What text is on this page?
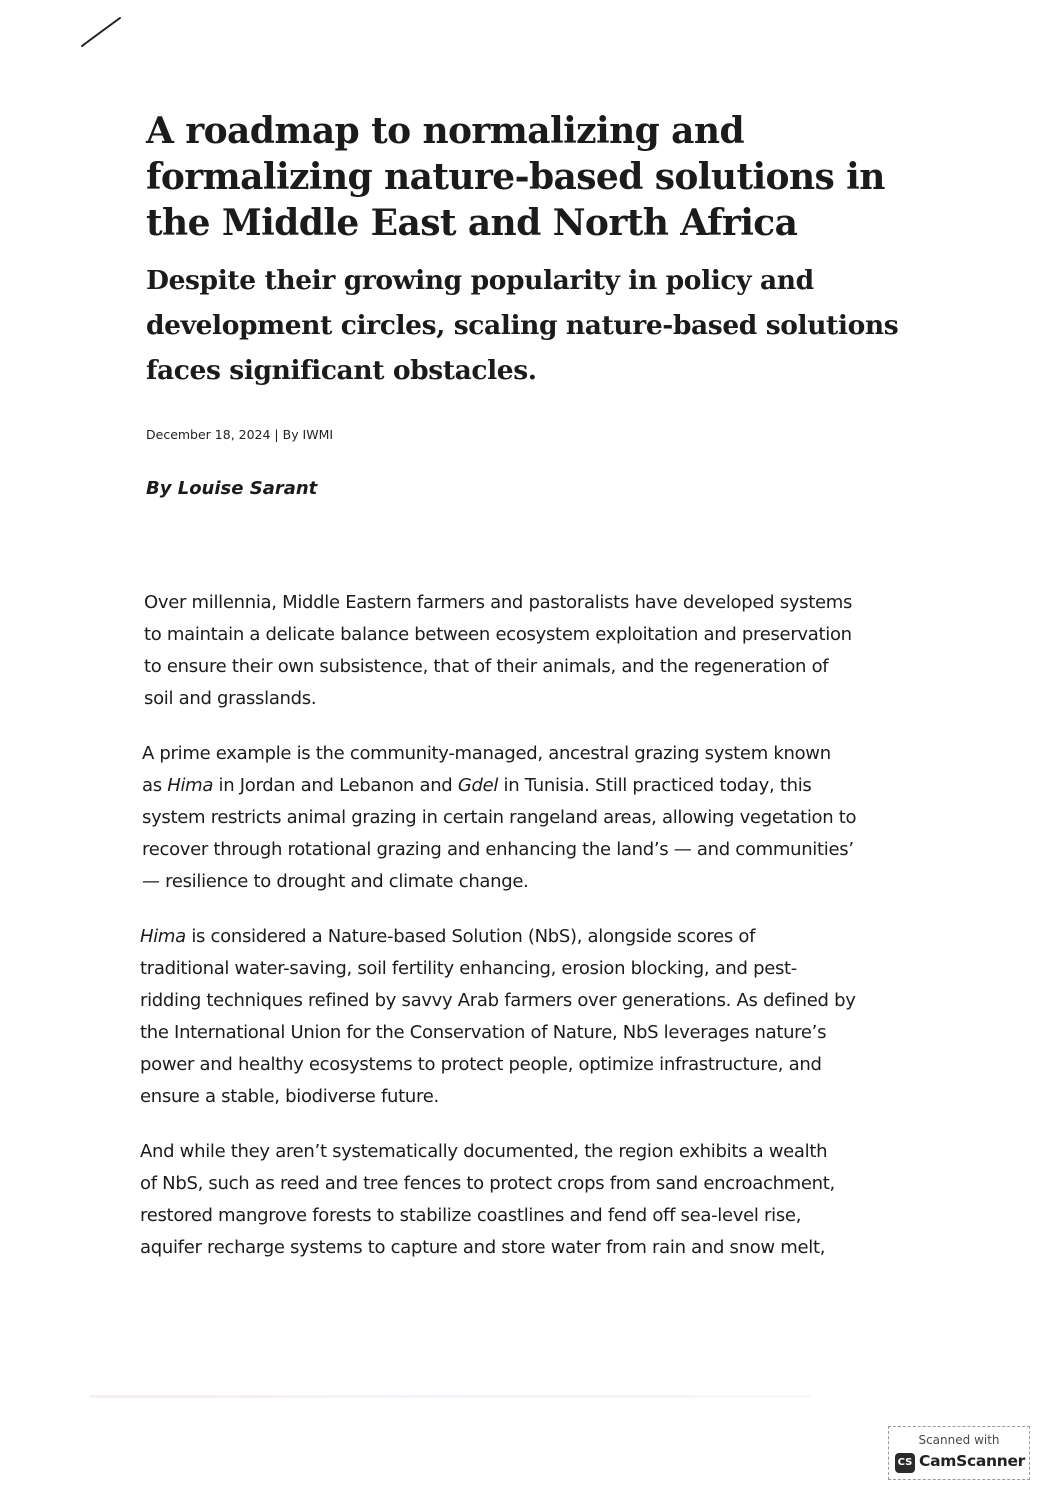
A roadmap to normalizing and
formalizing nature-based solutions in
the Middle East and North Africa
Despite their growing popularity in policy and
development circles, scaling nature-based solutions
faces significant obstacles.
December 18, 2024 | By IWMI
By Louise Sarant
Over millennia, Middle Eastern farmers and pastoralists have developed systems
to maintain a delicate balance between ecosystem exploitation and preservation
to ensure their own subsistence, that of their animals, and the regeneration of
soil and grasslands.
A prime example is the community-managed, ancestral grazing system known
as Hima in Jordan and Lebanon and Gdel in Tunisia. Still practiced today, this
system restricts animal grazing in certain rangeland areas, allowing vegetation to
recover through rotational grazing and enhancing the land’s — and communities’
— resilience to drought and climate change.
Hima is considered a Nature-based Solution (NbS), alongside scores of
traditional water-saving, soil fertility enhancing, erosion blocking, and pest-
ridding techniques refined by savvy Arab farmers over generations. As defined by
the International Union for the Conservation of Nature, NbS leverages nature’s
power and healthy ecosystems to protect people, optimize infrastructure, and
ensure a stable, biodiverse future.
And while they aren’t systematically documented, the region exhibits a wealth
of NbS, such as reed and tree fences to protect crops from sand encroachment,
restored mangrove forests to stabilize coastlines and fend off sea-level rise,
aquifer recharge systems to capture and store water from rain and snow melt,
Scanned with
CS CamScanner
